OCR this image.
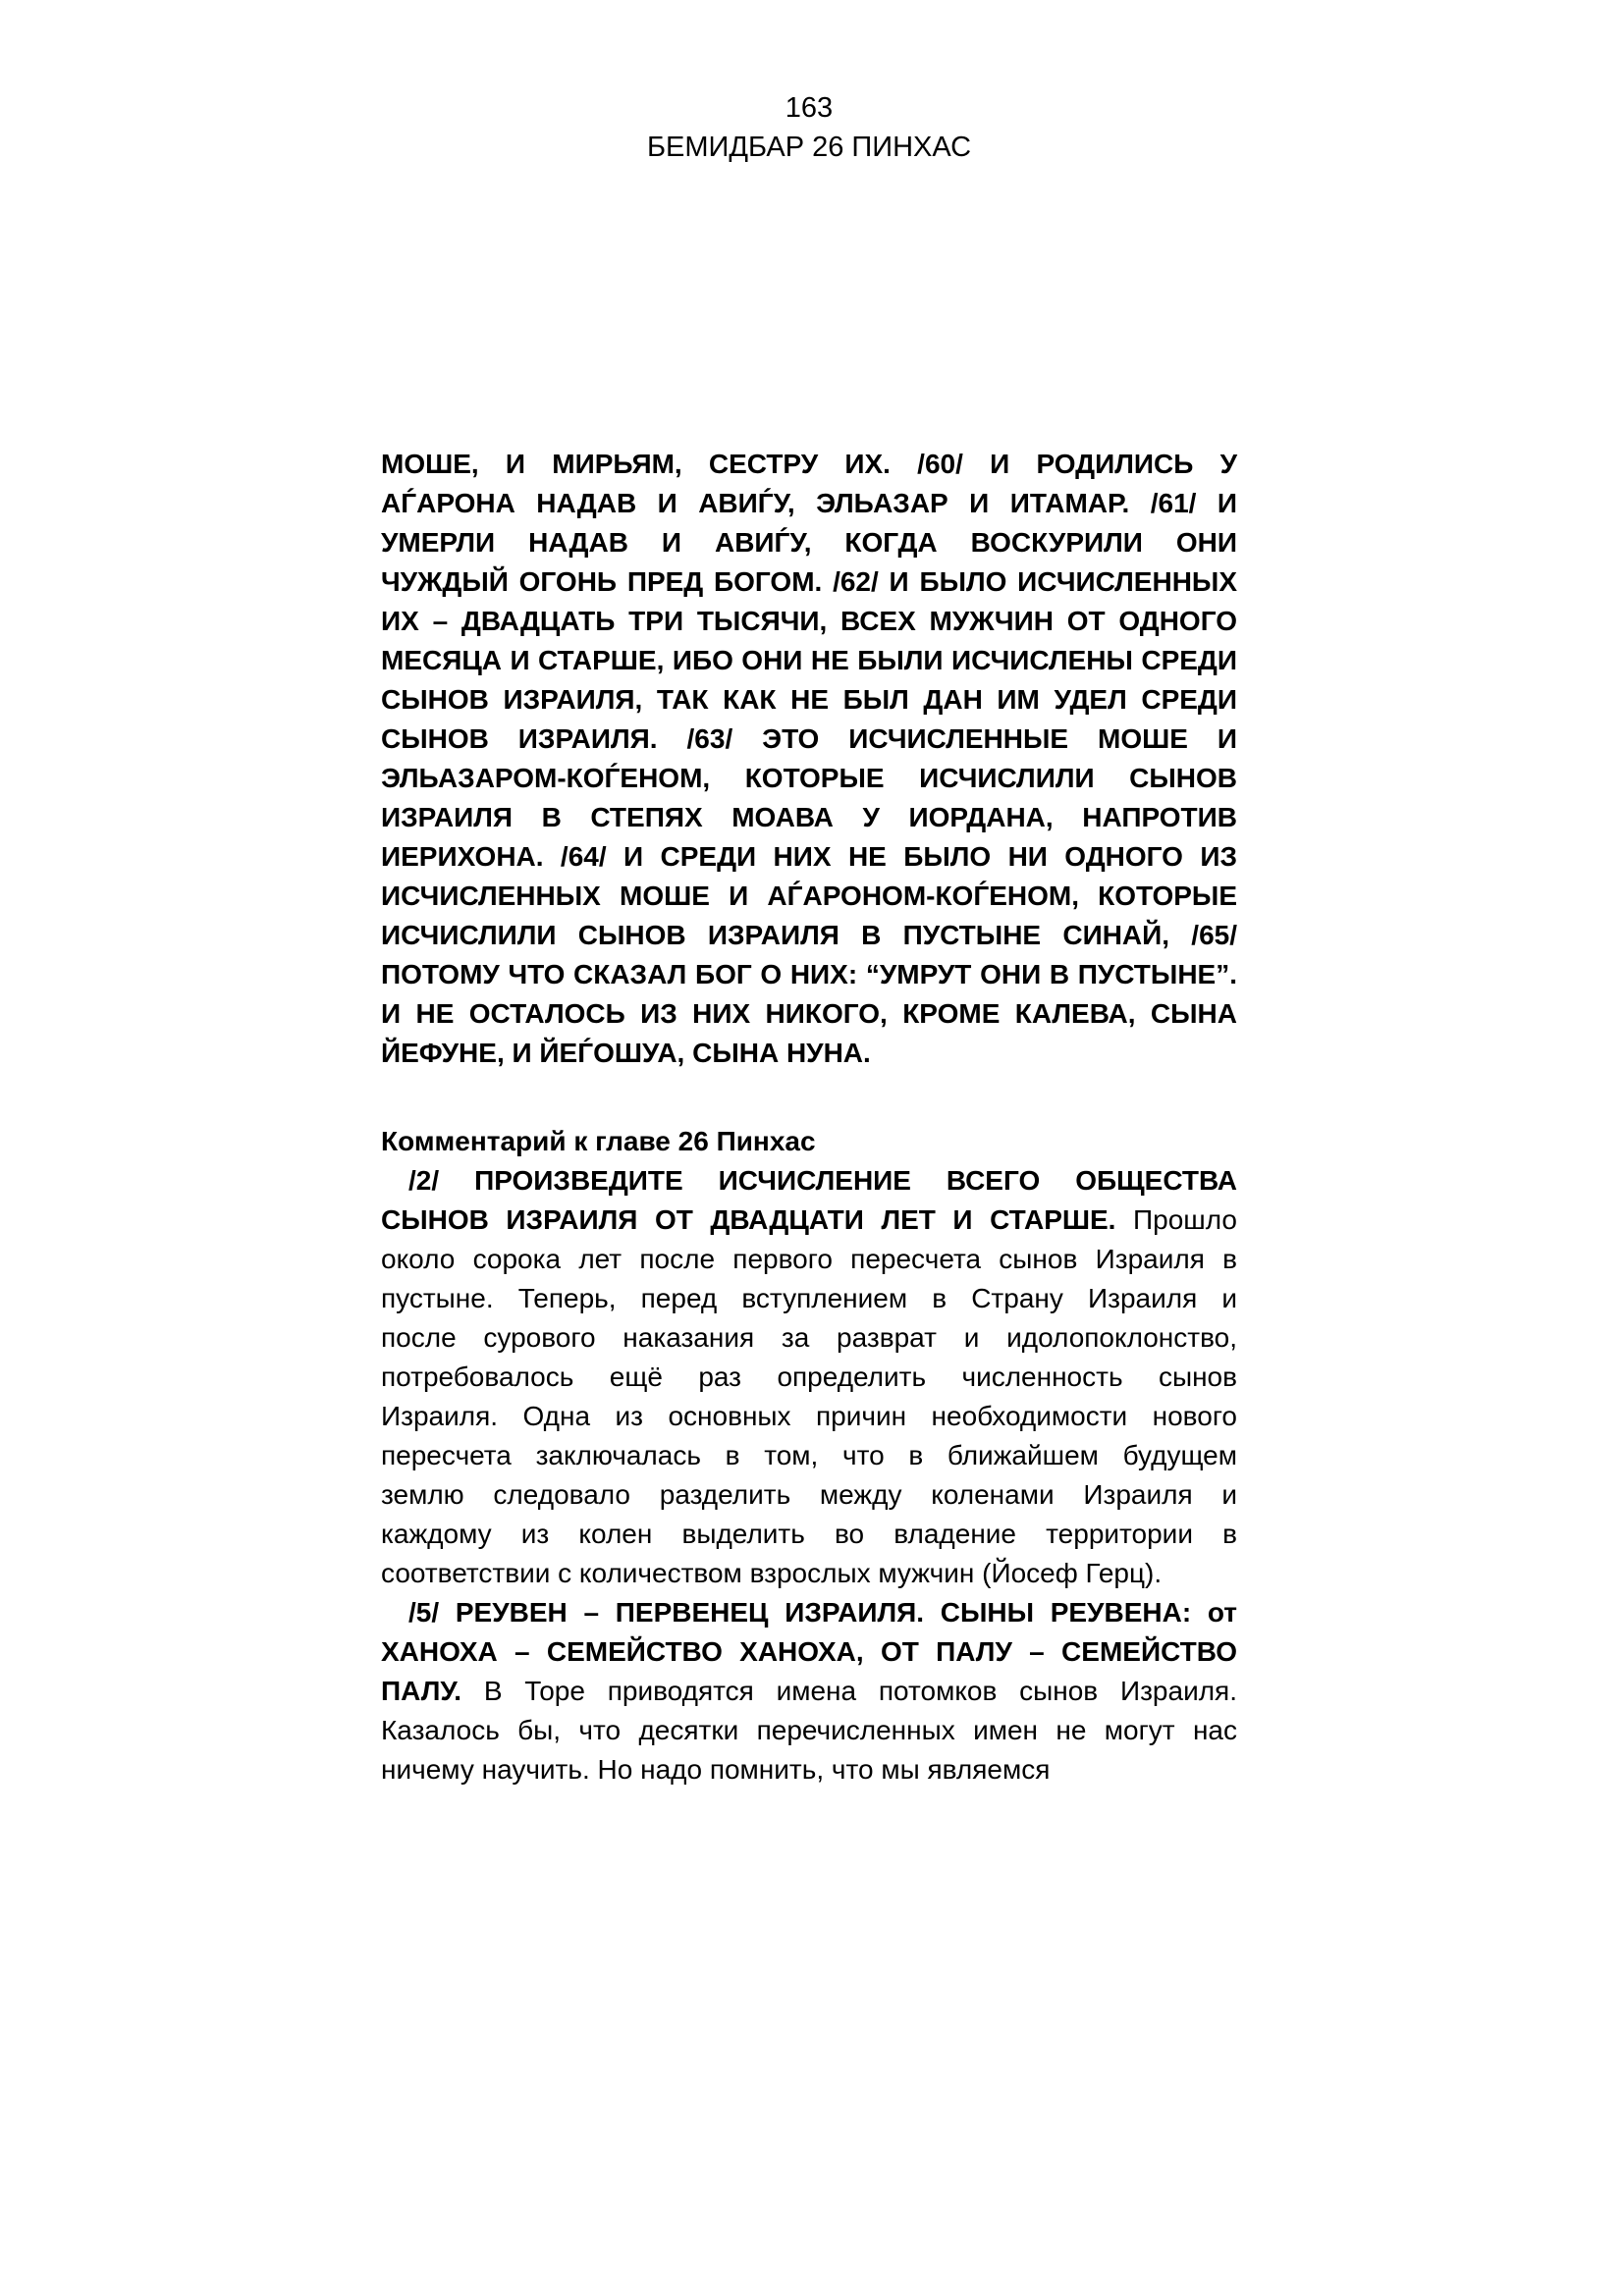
163
БЕМИДБАР 26 ПИНХАС
МОШЕ, И МИРЬЯМ, СЕСТРУ ИХ. /60/ И РОДИЛИСЬ У
АЃАРОНА НАДАВ И АВИЃУ, ЭЛЬАЗАР И ИТАМАР. /61/ И
УМЕРЛИ НАДАВ И АВИЃУ, КОГДА ВОСКУРИЛИ ОНИ
ЧУЖДЫЙ ОГОНЬ ПРЕД БОГОМ. /62/ И БЫЛО ИСЧИСЛЕННЫХ
ИХ – ДВАДЦАТЬ ТРИ ТЫСЯЧИ, ВСЕХ МУЖЧИН ОТ ОДНОГО
МЕСЯЦА И СТАРШЕ, ИБО ОНИ НЕ БЫЛИ ИСЧИСЛЕНЫ СРЕДИ
СЫНОВ ИЗРАИЛЯ, ТАК КАК НЕ БЫЛ ДАН ИМ УДЕЛ СРЕДИ
СЫНОВ ИЗРАИЛЯ. /63/ ЭТО ИСЧИСЛЕННЫЕ МОШЕ И
ЭЛЬАЗАРОМ-КОЃЕНОМ, КОТОРЫЕ ИСЧИСЛИЛИ СЫНОВ
ИЗРАИЛЯ В СТЕПЯХ МОАВА У ИОРДАНА, НАПРОТИВ
ИЕРИХОНА. /64/ И СРЕДИ НИХ НЕ БЫЛО НИ ОДНОГО ИЗ
ИСЧИСЛЕННЫХ МОШЕ И АЃАРОНОМ-КОЃЕНОМ, КОТОРЫЕ
ИСЧИСЛИЛИ СЫНОВ ИЗРАИЛЯ В ПУСТЫНЕ СИНАЙ, /65/
ПОТОМУ ЧТО СКАЗАЛ БОГ О НИХ: “УМРУТ ОНИ В ПУСТЫНЕ”.
И НЕ ОСТАЛОСЬ ИЗ НИХ НИКОГО, КРОМЕ КАЛЕВА, СЫНА
ЙЕФУНЕ, И ЙЕЃОШУА, СЫНА НУНА.
Комментарий к главе 26 Пинхас
/2/ ПРОИЗВЕДИТЕ ИСЧИСЛЕНИЕ ВСЕГО ОБЩЕСТВА
СЫНОВ ИЗРАИЛЯ ОТ ДВАДЦАТИ ЛЕТ И СТАРШЕ. Прошло
около сорока лет после первого пересчета сынов Израиля в
пустыне. Теперь, перед вступлением в Страну Израиля и
после сурового наказания за разврат и идолопоклонство,
потребовалось ещё раз определить численность сынов
Израиля. Одна из основных причин необходимости нового
пересчета заключалась в том, что в ближайшем будущем
землю следовало разделить между коленами Израиля и
каждому из колен выделить во владение территории в
соответствии с количеством взрослых мужчин (Йосеф Герц).
/5/ РЕУВЕН – ПЕРВЕНЕЦ ИЗРАИЛЯ. СЫНЫ РЕУВЕНА: от
ХАНОХА – СЕМЕЙСТВО ХАНОХА, ОТ ПАЛУ – СЕМЕЙСТВО
ПАЛУ. В Торе приводятся имена потомков сынов Израиля.
Казалось бы, что десятки перечисленных имен не могут нас
ничему научить. Но надо помнить, что мы являемся
